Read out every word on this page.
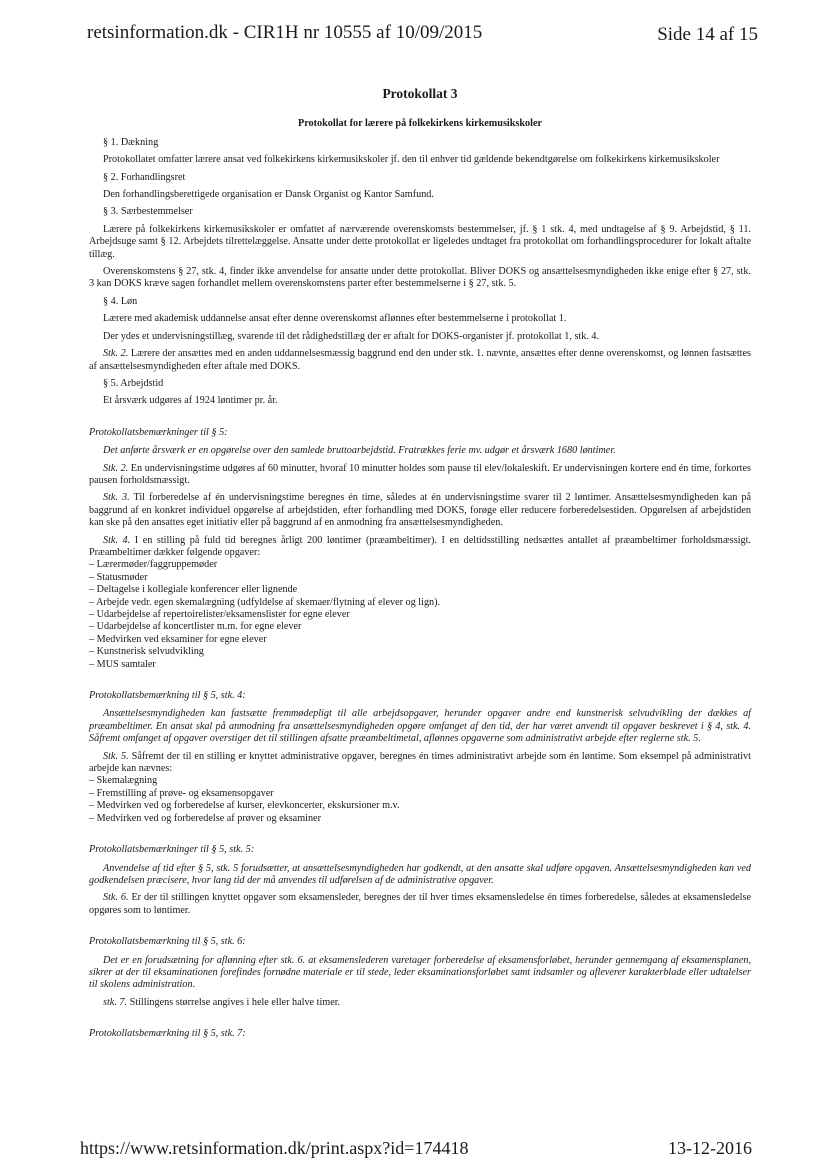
retsinformation.dk - CIR1H nr 10555 af 10/09/2015	Side 14 af 15
Protokollat 3
Protokollat for lærere på folkekirkens kirkemusikskoler
§ 1. Dækning

Protokollatet omfatter lærere ansat ved folkekirkens kirkemusikskoler jf. den til enhver tid gældende bekendtgørelse om folkekirkens kirkemusikskoler

§ 2. Forhandlingsret

Den forhandlingsberettigede organisation er Dansk Organist og Kantor Samfund.

§ 3. Særbestemmelser

Lærere på folkekirkens kirkemusikskoler er omfattet af nærværende overenskomsts bestemmelser, jf. § 1 stk. 4, med undtagelse af § 9. Arbejdstid, § 11. Arbejdsuge samt § 12. Arbejdets tilrettelæggelse. Ansatte under dette protokollat er ligeledes undtaget fra protokollat om forhandlingsprocedurer for lokalt aftalte tillæg.

Overenskomstens § 27, stk. 4, finder ikke anvendelse for ansatte under dette protokollat. Bliver DOKS og ansættelsesmyndigheden ikke enige efter § 27, stk. 3 kan DOKS kræve sagen forhandlet mellem overenskomstens parter efter bestemmelserne i § 27, stk. 5.

§ 4. Løn

Lærere med akademisk uddannelse ansat efter denne overenskomst aflønnes efter bestemmelserne i protokollat 1.

Der ydes et undervisningstillæg, svarende til det rådighedstillæg der er aftalt for DOKS-organister jf. protokollat 1, stk. 4.

Stk. 2. Lærere der ansættes med en anden uddannelsesmæssig baggrund end den under stk. 1. nævnte, ansættes efter denne overenskomst, og lønnen fastsættes af ansættelsesmyndigheden efter aftale med DOKS.

§ 5. Arbejdstid

Et årsværk udgøres af 1924 løntimer pr. år.

Protokollatsbemærkninger til § 5:

Det anførte årsværk er en opgørelse over den samlede bruttoarbejdstid. Fratrækkes ferie mv. udgør et årsværk 1680 løntimer.

Stk. 2. En undervisningstime udgøres af 60 minutter, hvoraf 10 minutter holdes som pause til elev/lokaleskift. Er undervisningen kortere end én time, forkortes pausen forholdsmæssigt.

Stk. 3. Til forberedelse af én undervisningstime beregnes én time, således at én undervisningstime svarer til 2 løntimer. Ansættelsesmyndigheden kan på baggrund af en konkret individuel opgørelse af arbejdstiden, efter forhandling med DOKS, forøge eller reducere forberedelsestiden. Opgørelsen af arbejdstiden kan ske på den ansattes eget initiativ eller på baggrund af en anmodning fra ansættelsesmyndigheden.

Stk. 4. I en stilling på fuld tid beregnes årligt 200 løntimer (præambeltimer). I en deltidsstilling nedsættes antallet af præambeltimer forholdsmæssigt. Præambeltimer dækker følgende opgaver:

– Lærermøder/faggruppemøder
– Statusmøder
– Deltagelse i kollegiale konferencer eller lignende
– Arbejde vedr. egen skemalægning (udfyldelse af skemaer/flytning af elever og lign).
– Udarbejdelse af repertoirelister/eksamenslister for egne elever
– Udarbejdelse af koncertlister m.m. for egne elever
– Medvirken ved eksaminer for egne elever
– Kunstnerisk selvudvikling
– MUS samtaler
Protokollatsbemærkning til § 5, stk. 4:

Ansættelsesmyndigheden kan fastsætte fremmødepligt til alle arbejdsopgaver, herunder opgaver andre end kunstnerisk selvudvikling der dækkes af præambeltimer. En ansat skal på anmodning fra ansættelsesmyndigheden opgøre omfanget af den tid, der har været anvendt til opgaver beskrevet i § 4, stk. 4. Såfremt omfanget af opgaver overstiger det til stillingen afsatte præambeltimetal, aflønnes opgaverne som administrativt arbejde efter reglerne stk. 5.

Stk. 5. Såfremt der til en stilling er knyttet administrative opgaver, beregnes én times administrativt arbejde som én løntime. Som eksempel på administrativt arbejde kan nævnes:

– Skemalægning
– Fremstilling af prøve- og eksamensopgaver
– Medvirken ved og forberedelse af kurser, elevkoncerter, ekskursioner m.v.
– Medvirken ved og forberedelse af prøver og eksaminer
Protokollatsbemærkninger til § 5, stk. 5:

Anvendelse af tid efter § 5, stk. 5 forudsætter, at ansættelsesmyndigheden har godkendt, at den ansatte skal udføre opgaven. Ansættelsesmyndigheden kan ved godkendelsen præcisere, hvor lang tid der må anvendes til udførelsen af de administrative opgaver.

Stk. 6. Er der til stillingen knyttet opgaver som eksamensleder, beregnes der til hver times eksamensledelse én times forberedelse, således at eksamensledelse opgøres som to løntimer.

Protokollatsbemærkning til § 5, stk. 6:

Det er en forudsætning for aflønning efter stk. 6. at eksamenslederen varetager forberedelse af eksamensforløbet, herunder gennemgang af eksamensplanen, sikrer at der til eksaminationen forefindes fornødne materiale er til stede, leder eksaminationsforløbet samt indsamler og afleverer karakterblade eller udtalelser til skolens administration.

stk. 7. Stillingens størrelse angives i hele eller halve timer.

Protokollatsbemærkning til § 5, stk. 7:
https://www.retsinformation.dk/print.aspx?id=174418	13-12-2016
